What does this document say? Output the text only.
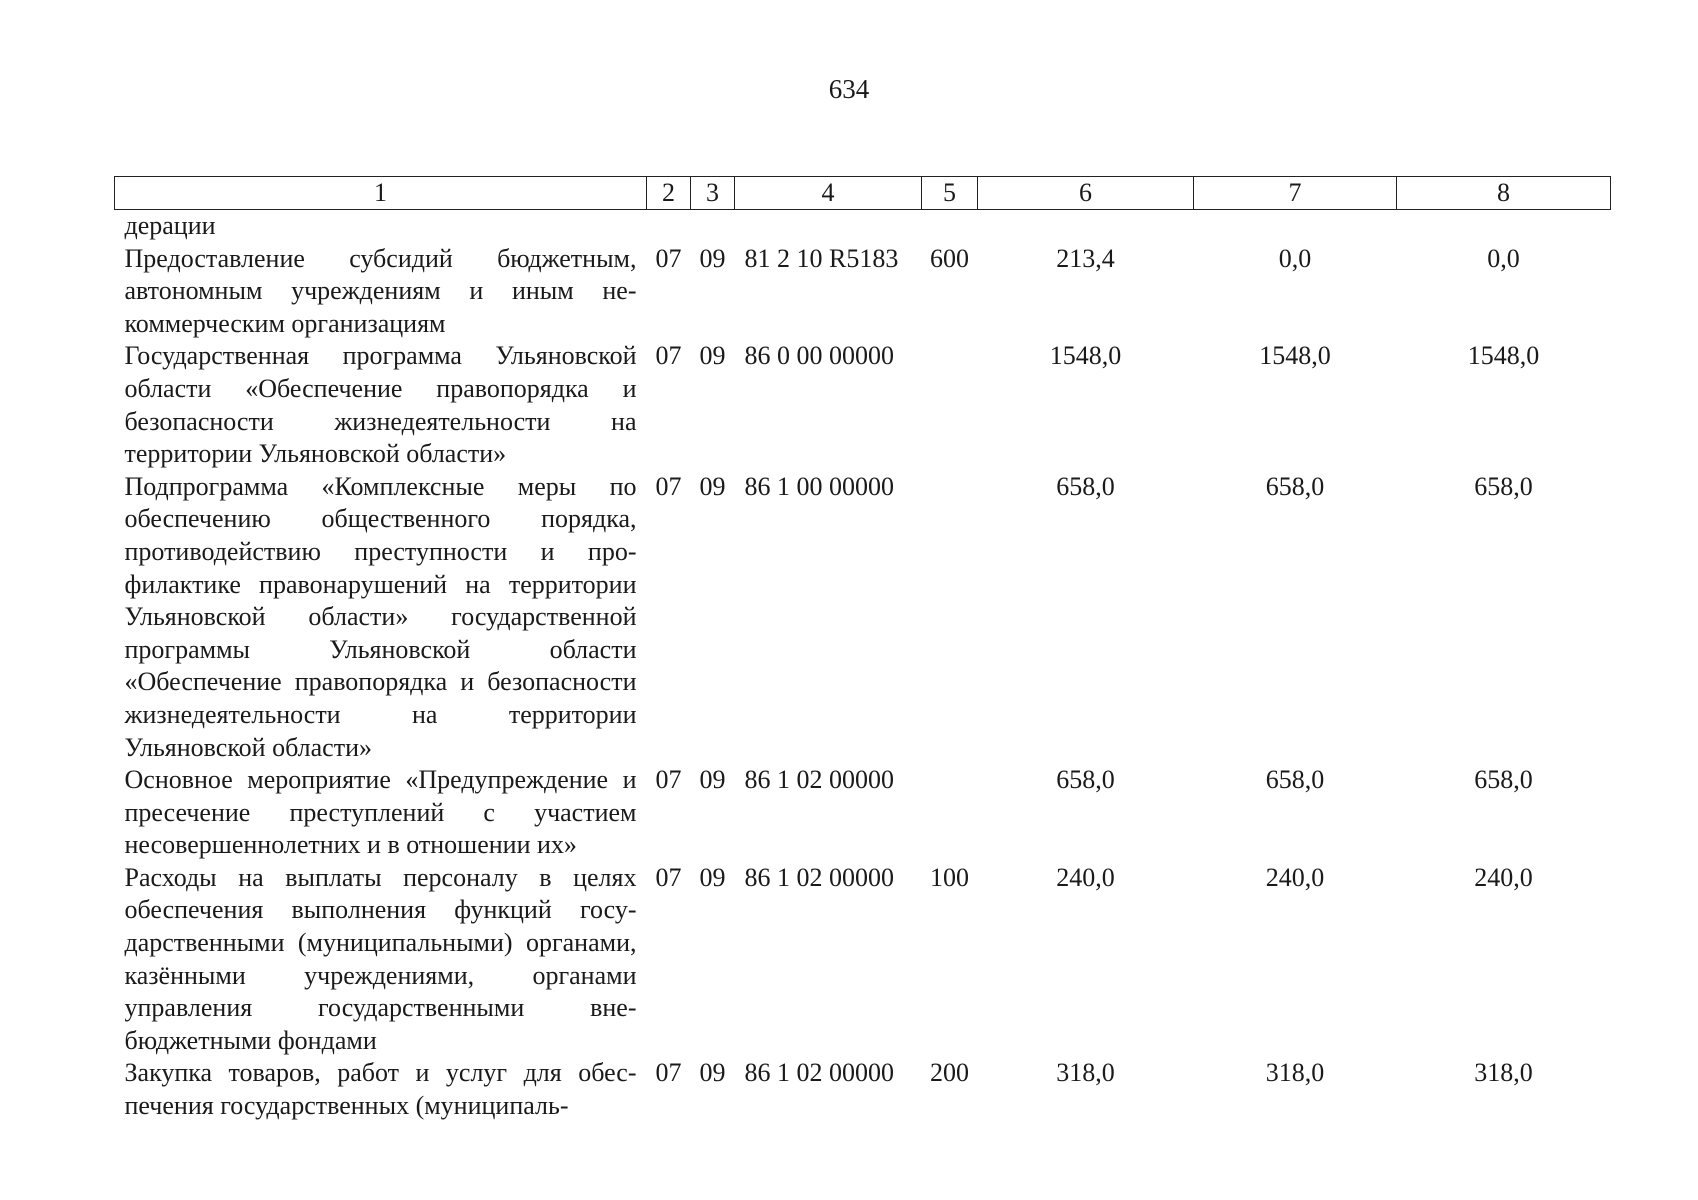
634
1	2	3	4	5	6	7	8
дерации							
Предоставление субсидий бюджетным, автономным учреждениям и иным некоммерческим организациям	07	09	81 2 10 R5183	600	213,4	0,0	0,0
Государственная программа Ульяновской области «Обеспечение правопорядка и безопасности жизнедеятельности на территории Ульяновской области»	07	09	86 0 00 00000		1548,0	1548,0	1548,0
Подпрограмма «Комплексные меры по обеспечению общественного порядка, противодействию преступности и профилактике правонарушений на территории Ульяновской области» государственной программы Ульяновской области «Обеспечение правопорядка и безопасности жизнедеятельности на территории Ульяновской области»	07	09	86 1 00 00000		658,0	658,0	658,0
Основное мероприятие «Предупреждение и пресечение преступлений с участием несовершеннолетних и в отношении их»	07	09	86 1 02 00000		658,0	658,0	658,0
Расходы на выплаты персоналу в целях обеспечения выполнения функций государственными (муниципальными) органами, казёнными учреждениями, органами управления государственными внебюджетными фондами	07	09	86 1 02 00000	100	240,0	240,0	240,0
Закупка товаров, работ и услуг для обеспечения государственных (муниципаль-	07	09	86 1 02 00000	200	318,0	318,0	318,0
